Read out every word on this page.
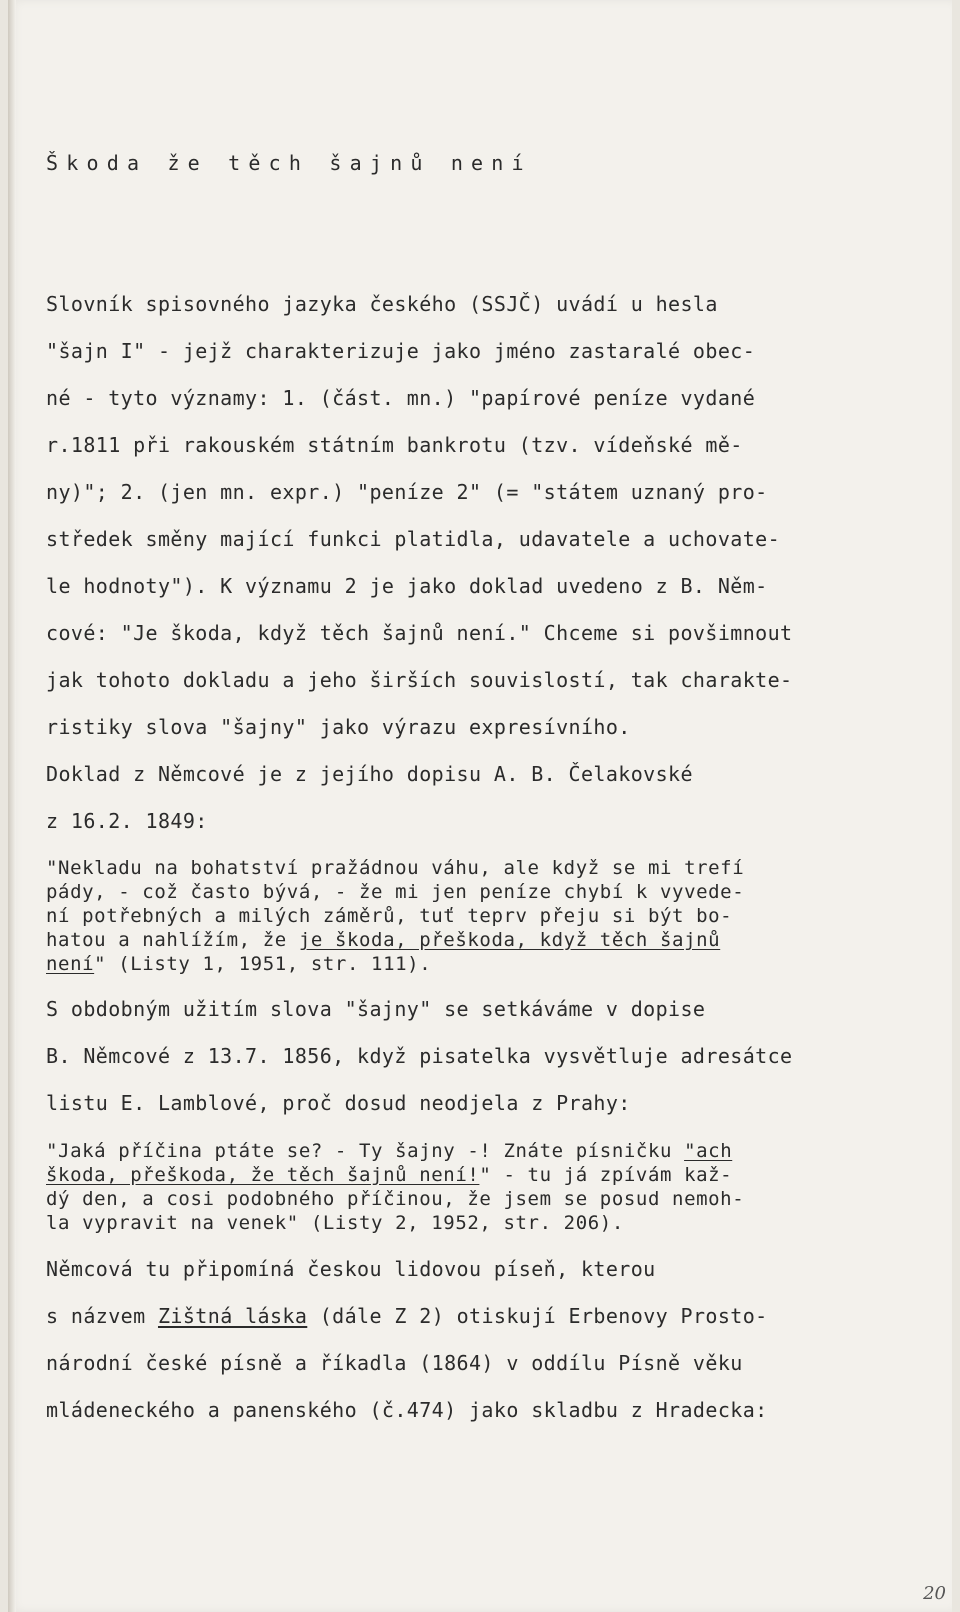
Škoda že těch šajnů není
Slovník spisovného jazyka českého (SSJČ) uvádí u hesla
"šajn I" - jejž charakterizuje jako jméno zastaralé obec-
né - tyto významy: 1. (část. mn.) "papírové peníze vydané
r.1811 při rakouském státním bankrotu (tzv. vídeňské mě-
ny)"; 2. (jen mn. expr.) "peníze 2" (= "státem uznaný pro-
středek směny mající funkci platidla, udavatele a uchovate-
le hodnoty"). K významu 2 je jako doklad uvedeno z B. Něm-
cové: "Je škoda, když těch šajnů není." Chceme si povšimnout
jak tohoto dokladu a jeho širších souvislostí, tak charakte-
ristiky slova "šajny" jako výrazu expresívního.
Doklad z Němcové je z jejího dopisu A. B. Čelakovské
z 16.2. 1849:
"Nekladu na bohatství pražádnou váhu, ale když se mi trefí
pády, - což často bývá, - že mi jen peníze chybí k vyvede-
ní potřebných a milých záměrů, tuť teprv přeju si být bo-
hatou a nahlížím, že je škoda, přeškoda, když těch šajnů
není" (Listy 1, 1951, str. 111).
S obdobným užitím slova "šajny" se setkáváme v dopise
B. Němcové z 13.7. 1856, když pisatelka vysvětluje adresátce
listu E. Lamblové, proč dosud neodjela z Prahy:
"Jaká příčina ptáte se? - Ty šajny -! Znáte písničku "ach
škoda, přeškoda, že těch šajnů není!" - tu já zpívám kaž-
dý den, a cosi podobného příčinou, že jsem se posud nemoh-
la vypravit na venek" (Listy 2, 1952, str. 206).
Němcová tu připomíná českou lidovou píseň, kterou
s názvem Zištná láska (dále Z 2) otiskují Erbenovy Prosto-
národní české písně a říkadla (1864) v oddílu Písně věku
mládeneckého a panenského (č.474) jako skladbu z Hradecka:
20
